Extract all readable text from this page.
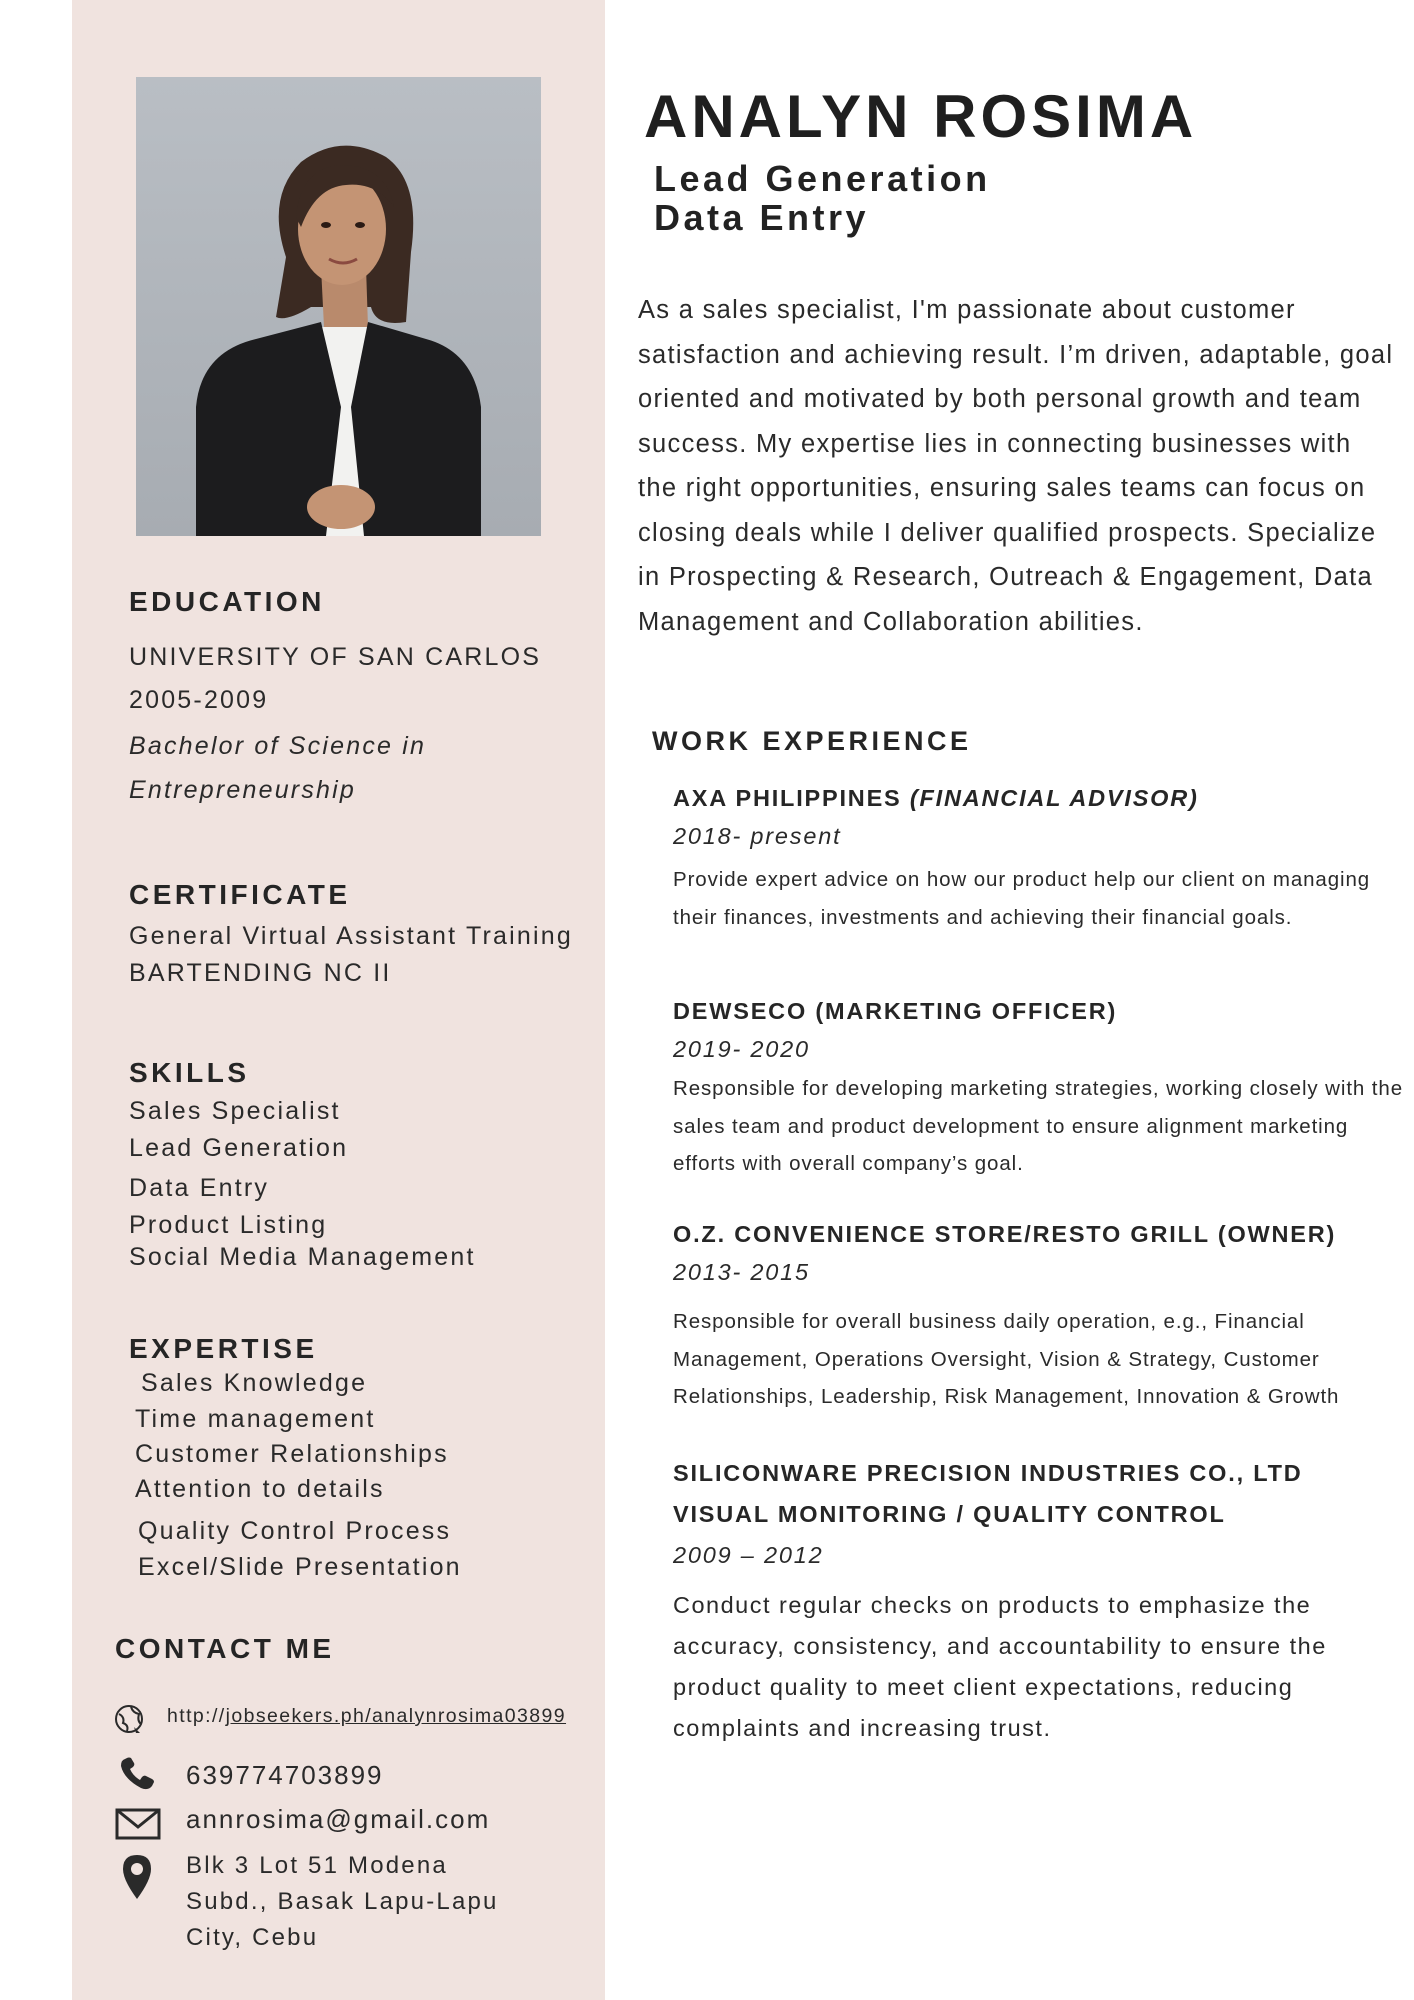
EDUCATION
UNIVERSITY OF SAN CARLOS
2005-2009
Bachelor of Science in
Entrepreneurship
CERTIFICATE
General Virtual Assistant Training
BARTENDING NC II
SKILLS
Sales Specialist
Lead Generation
Data Entry
Product Listing
Social Media Management
EXPERTISE
Sales Knowledge
Time management
Customer Relationships
Attention to details
Quality Control Process
Excel/Slide Presentation
CONTACT ME
http://jobseekers.ph/analynrosima03899
639774703899
annrosima@gmail.com
Blk 3 Lot 51 Modena
Subd., Basak Lapu-Lapu
City, Cebu
ANALYN ROSIMA
Lead Generation
Data Entry
As a sales specialist, I'm passionate about customer satisfaction and achieving result. I’m driven, adaptable, goal oriented and motivated by both personal growth and team success. My expertise lies in connecting businesses with the right opportunities, ensuring sales teams can focus on closing deals while I deliver qualified prospects. Specialize in Prospecting & Research, Outreach & Engagement, Data Management and Collaboration abilities.
WORK EXPERIENCE
AXA PHILIPPINES (FINANCIAL ADVISOR)
2018- present
Provide expert advice on how our product help our client on managing their finances, investments and achieving their financial goals.
DEWSECO (MARKETING OFFICER)
2019- 2020
Responsible for developing marketing strategies, working closely with the sales team and product development to ensure alignment marketing efforts with overall company’s goal.
O.Z. CONVENIENCE STORE/RESTO GRILL (OWNER)
2013- 2015
Responsible for overall business daily operation, e.g., Financial Management, Operations Oversight, Vision & Strategy, Customer Relationships, Leadership, Risk Management, Innovation & Growth
SILICONWARE PRECISION INDUSTRIES CO., LTD
VISUAL MONITORING / QUALITY CONTROL
2009 – 2012
Conduct regular checks on products to emphasize the accuracy, consistency, and accountability to ensure the product quality to meet client expectations, reducing complaints and increasing trust.
